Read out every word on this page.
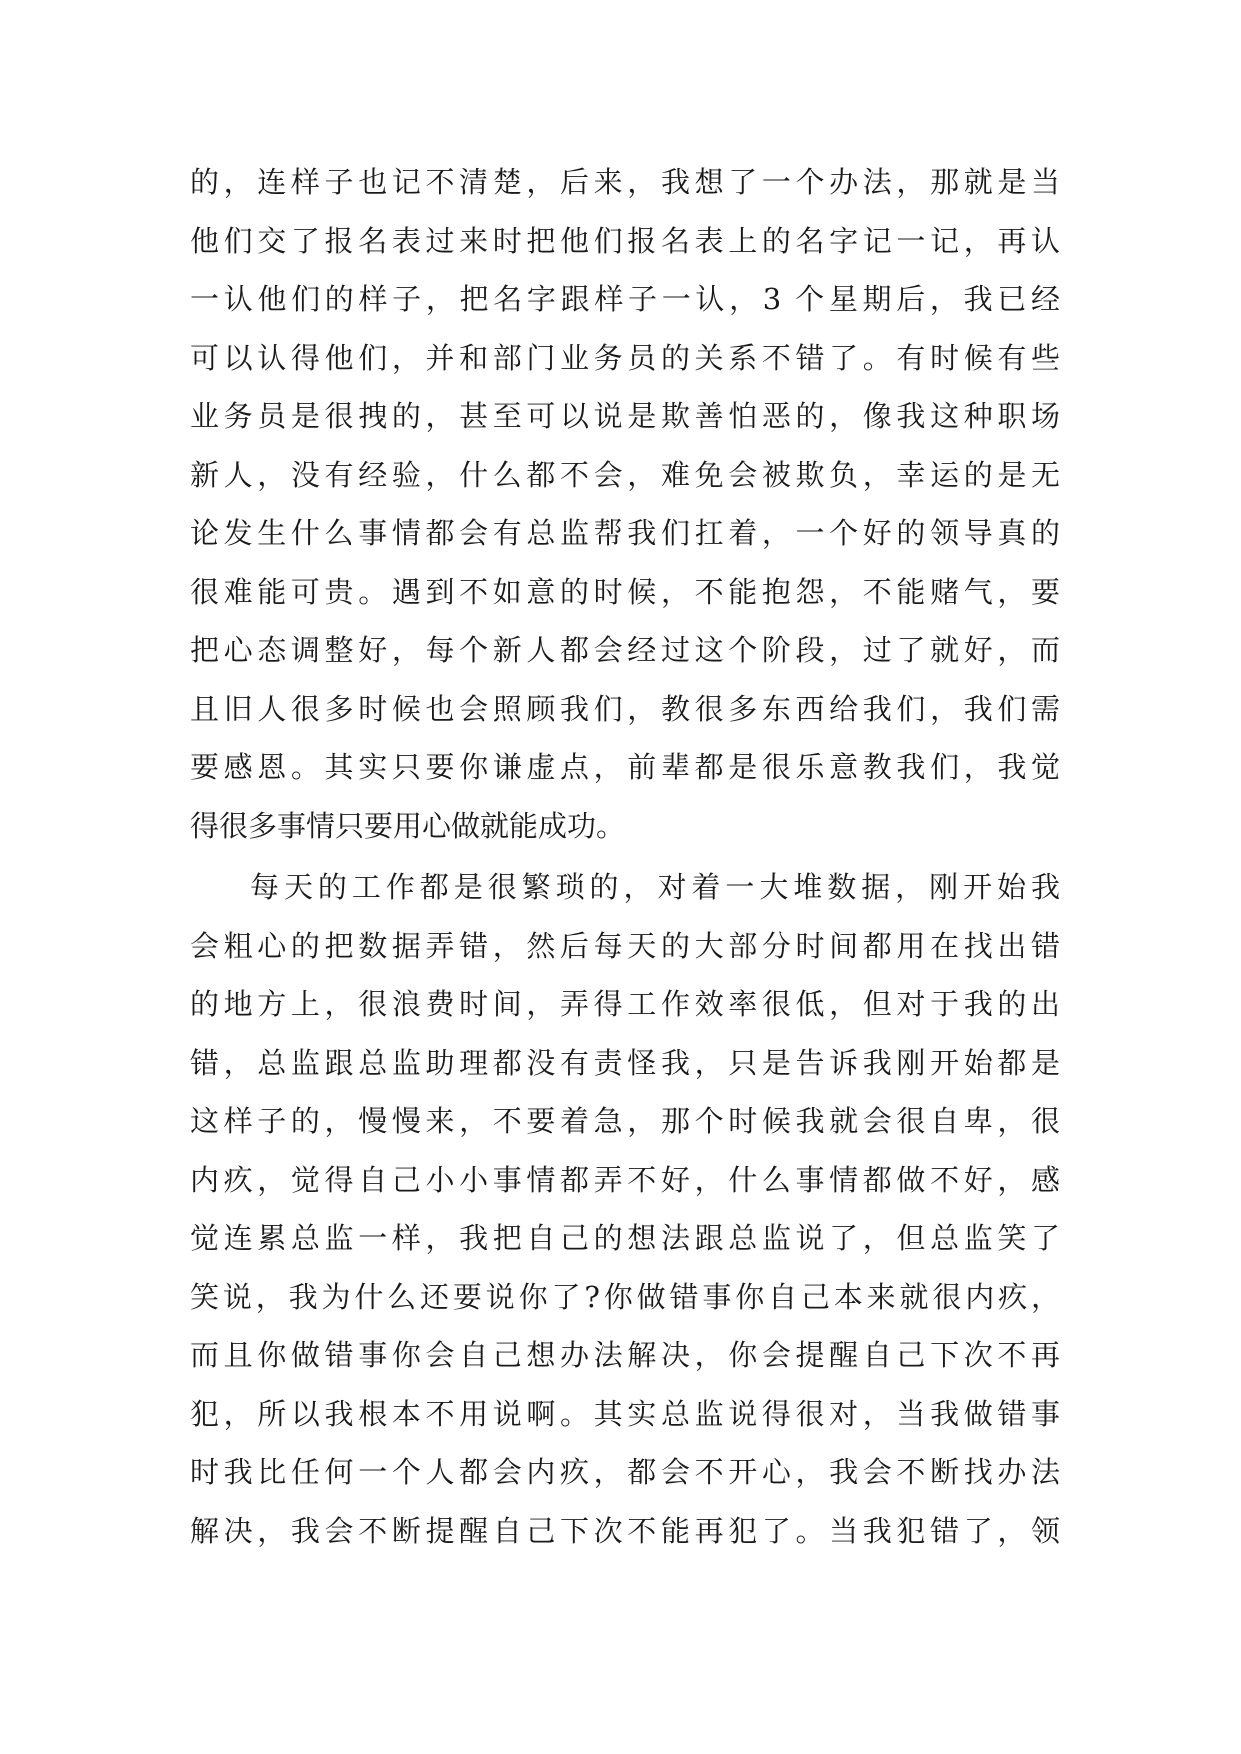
的，连样子也记不清楚，后来，我想了一个办法，那就是当
他们交了报名表过来时把他们报名表上的名字记一记，再认
一认他们的样子，把名字跟样子一认，3 个星期后，我已经
可以认得他们，并和部门业务员的关系不错了。有时候有些
业务员是很拽的，甚至可以说是欺善怕恶的，像我这种职场
新人，没有经验，什么都不会，难免会被欺负，幸运的是无
论发生什么事情都会有总监帮我们扛着，一个好的领导真的
很难能可贵。遇到不如意的时候，不能抱怨，不能赌气，要
把心态调整好，每个新人都会经过这个阶段，过了就好，而
且旧人很多时候也会照顾我们，教很多东西给我们，我们需
要感恩。其实只要你谦虚点，前辈都是很乐意教我们，我觉
得很多事情只要用心做就能成功。
每天的工作都是很繁琐的，对着一大堆数据，刚开始我
会粗心的把数据弄错，然后每天的大部分时间都用在找出错
的地方上，很浪费时间，弄得工作效率很低，但对于我的出
错，总监跟总监助理都没有责怪我，只是告诉我刚开始都是
这样子的，慢慢来，不要着急，那个时候我就会很自卑，很
内疚，觉得自己小小事情都弄不好，什么事情都做不好，感
觉连累总监一样，我把自己的想法跟总监说了，但总监笑了
笑说，我为什么还要说你了?你做错事你自己本来就很内疚，
而且你做错事你会自己想办法解决，你会提醒自己下次不再
犯，所以我根本不用说啊。其实总监说得很对，当我做错事
时我比任何一个人都会内疚，都会不开心，我会不断找办法
解决，我会不断提醒自己下次不能再犯了。当我犯错了，领
